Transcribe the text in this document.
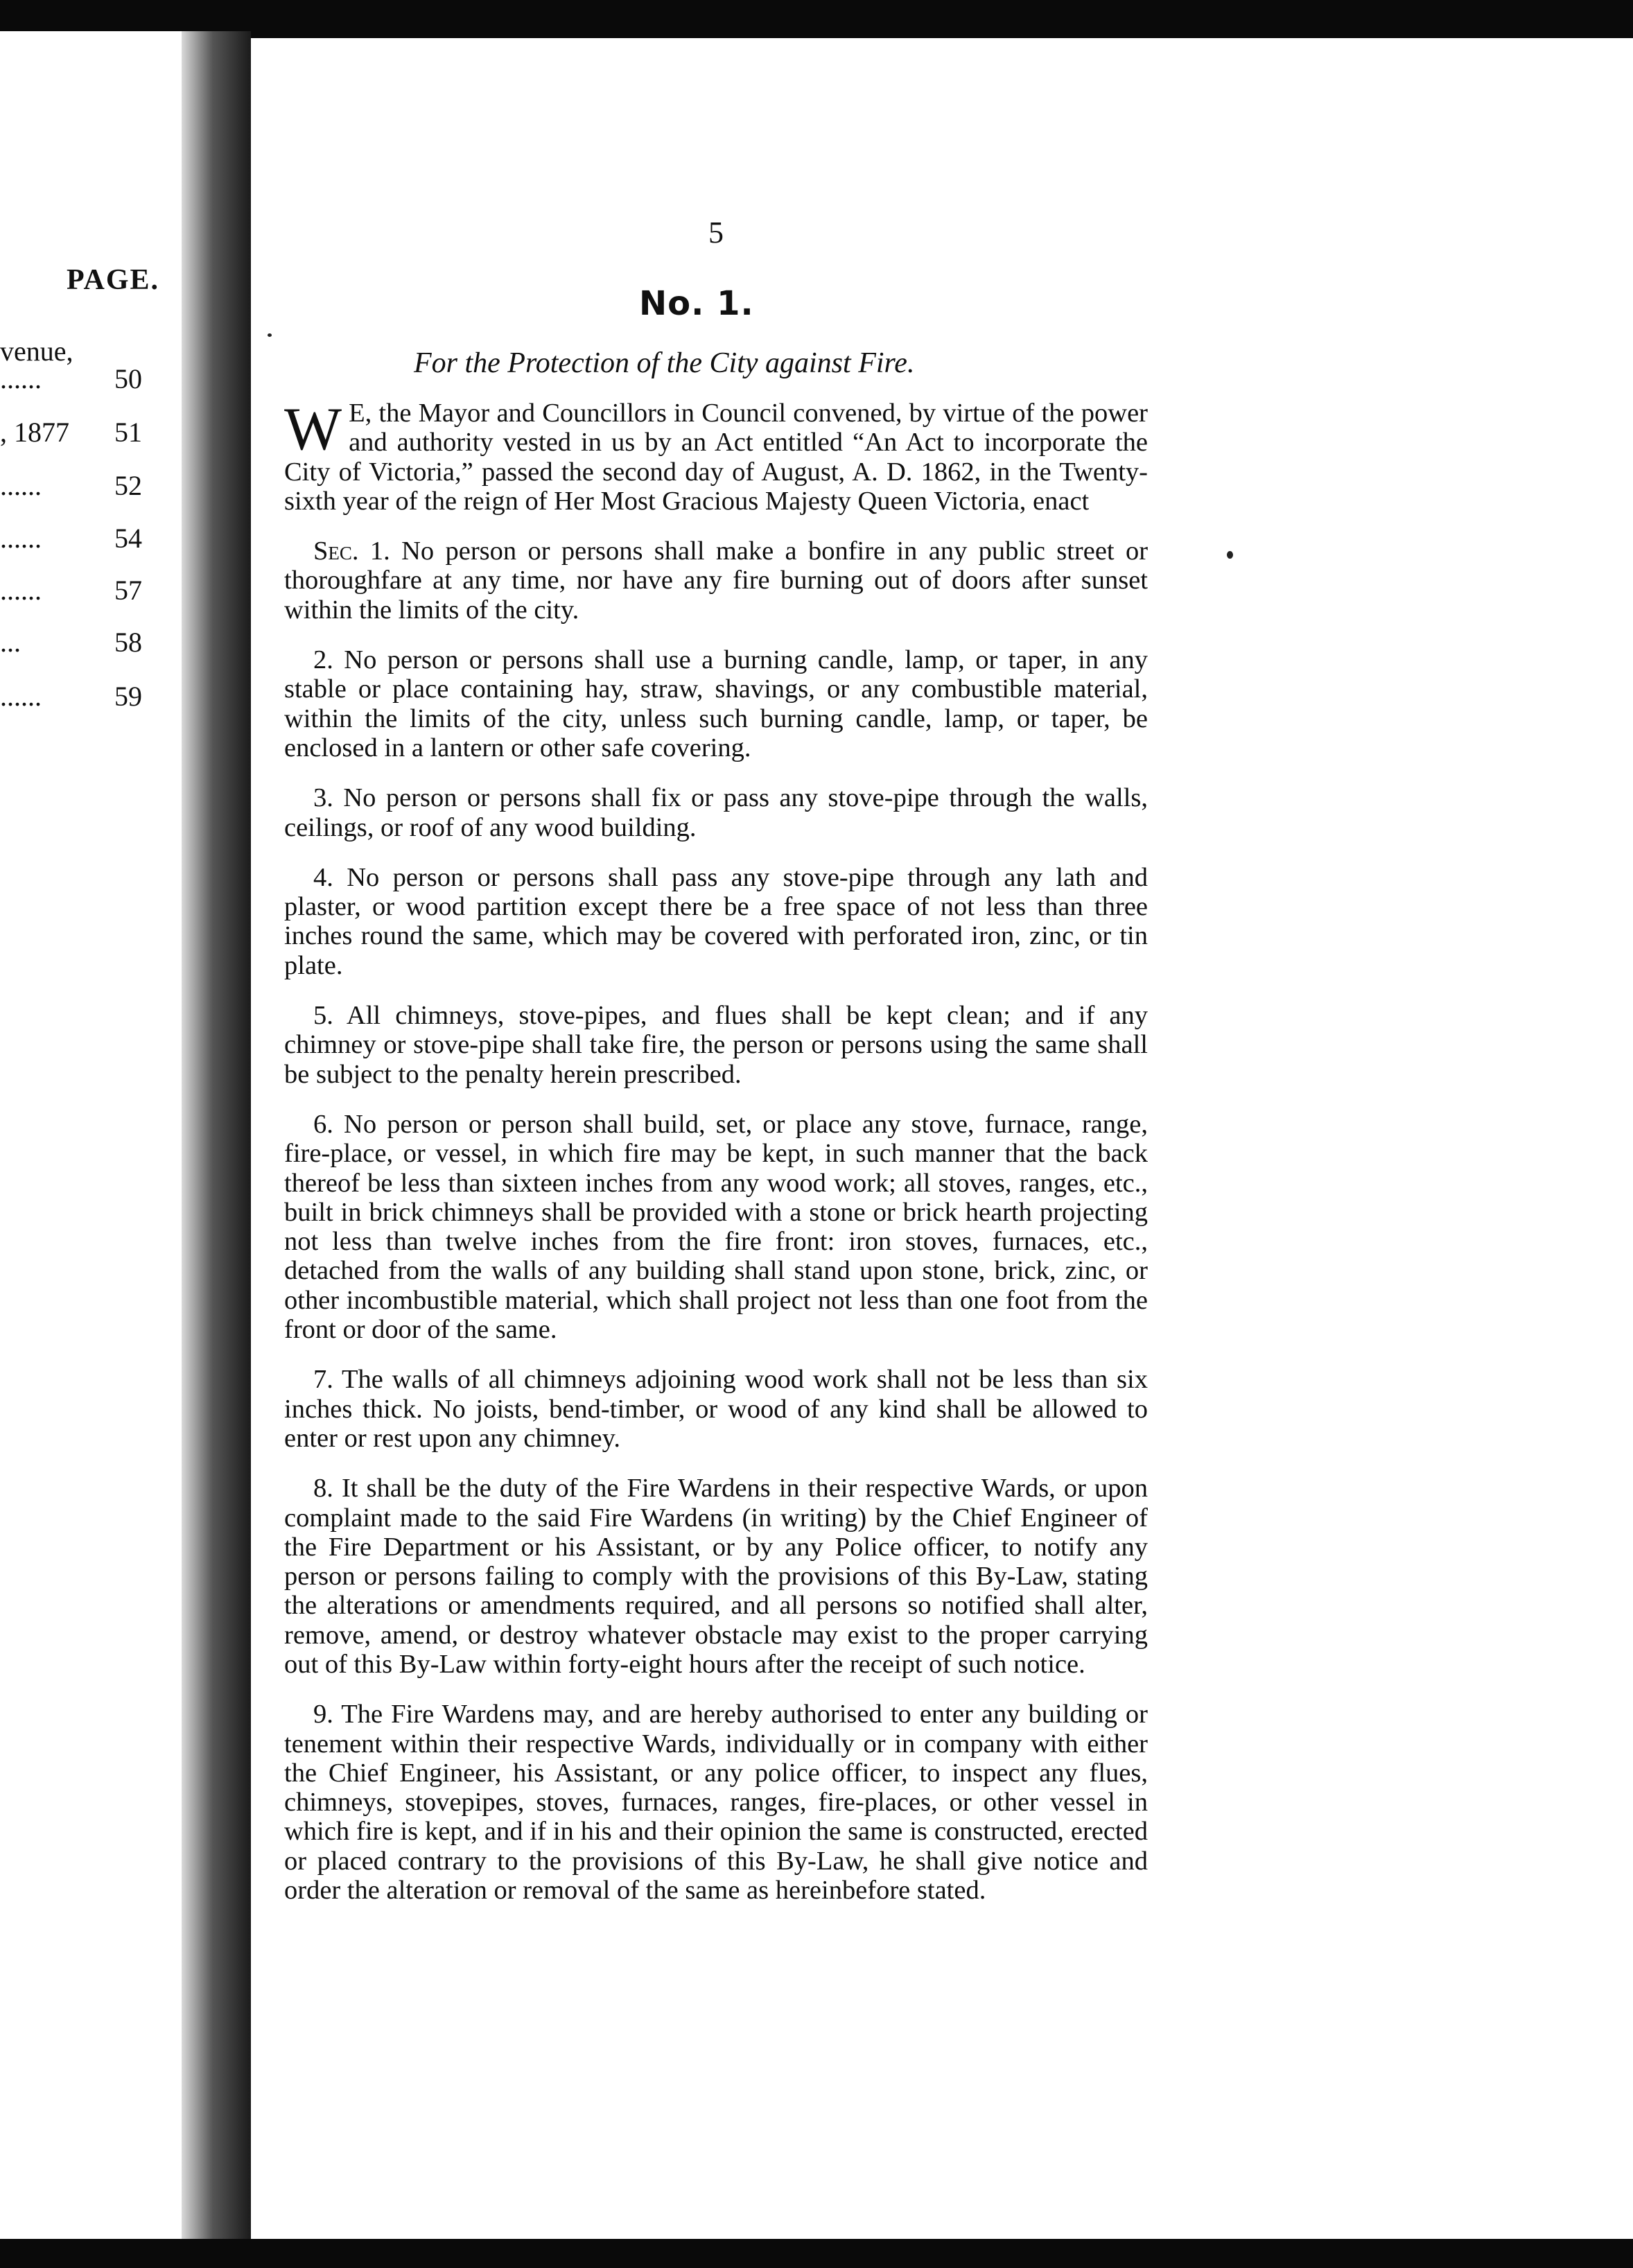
PAGE.
venue,
......	50
, 1877 51
......	52
......	54
......	57
...	58
......	59
5
No. 1.
For the Protection of the City against Fire.

W E, the Mayor and Councillors in Council convened, by virtue of the power and authority vested in us by an Act entitled “An Act to incorporate the City of Victoria,” passed the second day of August, A. D. 1862, in the Twenty-sixth year of the reign of Her Most Gracious Majesty Queen Victoria, enact

Sec. 1. No person or persons shall make a bonfire in any public street or thoroughfare at any time, nor have any fire burning out of doors after sunset within the limits of the city.

2. No person or persons shall use a burning candle, lamp, or taper, in any stable or place containing hay, straw, shavings, or any combustible material, within the limits of the city, unless such burning candle, lamp, or taper, be enclosed in a lantern or other safe covering.

3. No person or persons shall fix or pass any stove-pipe through the walls, ceilings, or roof of any wood building.

4. No person or persons shall pass any stove-pipe through any lath and plaster, or wood partition except there be a free space of not less than three inches round the same, which may be covered with perforated iron, zinc, or tin plate.

5. All chimneys, stove-pipes, and flues shall be kept clean; and if any chimney or stove-pipe shall take fire, the person or persons using the same shall be subject to the penalty herein prescribed.

6. No person or person shall build, set, or place any stove, furnace, range, fire-place, or vessel, in which fire may be kept, in such manner that the back thereof be less than sixteen inches from any wood work; all stoves, ranges, etc., built in brick chimneys shall be provided with a stone or brick hearth projecting not less than twelve inches from the fire front: iron stoves, furnaces, etc., detached from the walls of any building shall stand upon stone, brick, zinc, or other incombustible material, which shall project not less than one foot from the front or door of the same.

7. The walls of all chimneys adjoining wood work shall not be less than six inches thick. No joists, bend-timber, or wood of any kind shall be allowed to enter or rest upon any chimney.

8. It shall be the duty of the Fire Wardens in their respective Wards, or upon complaint made to the said Fire Wardens (in writing) by the Chief Engineer of the Fire Department or his Assistant, or by any Police officer, to notify any person or persons failing to comply with the provisions of this By-Law, stating the alterations or amendments required, and all persons so notified shall alter, remove, amend, or destroy whatever obstacle may exist to the proper carrying out of this By-Law within forty-eight hours after the receipt of such notice.

9. The Fire Wardens may, and are hereby authorised to enter any building or tenement within their respective Wards, individually or in company with either the Chief Engineer, his Assistant, or any police officer, to inspect any flues, chimneys, stovepipes, stoves, furnaces, ranges, fire-places, or other vessel in which fire is kept, and if in his and their opinion the same is constructed, erected or placed contrary to the provisions of this By-Law, he shall give notice and order the alteration or removal of the same as hereinbefore stated.
